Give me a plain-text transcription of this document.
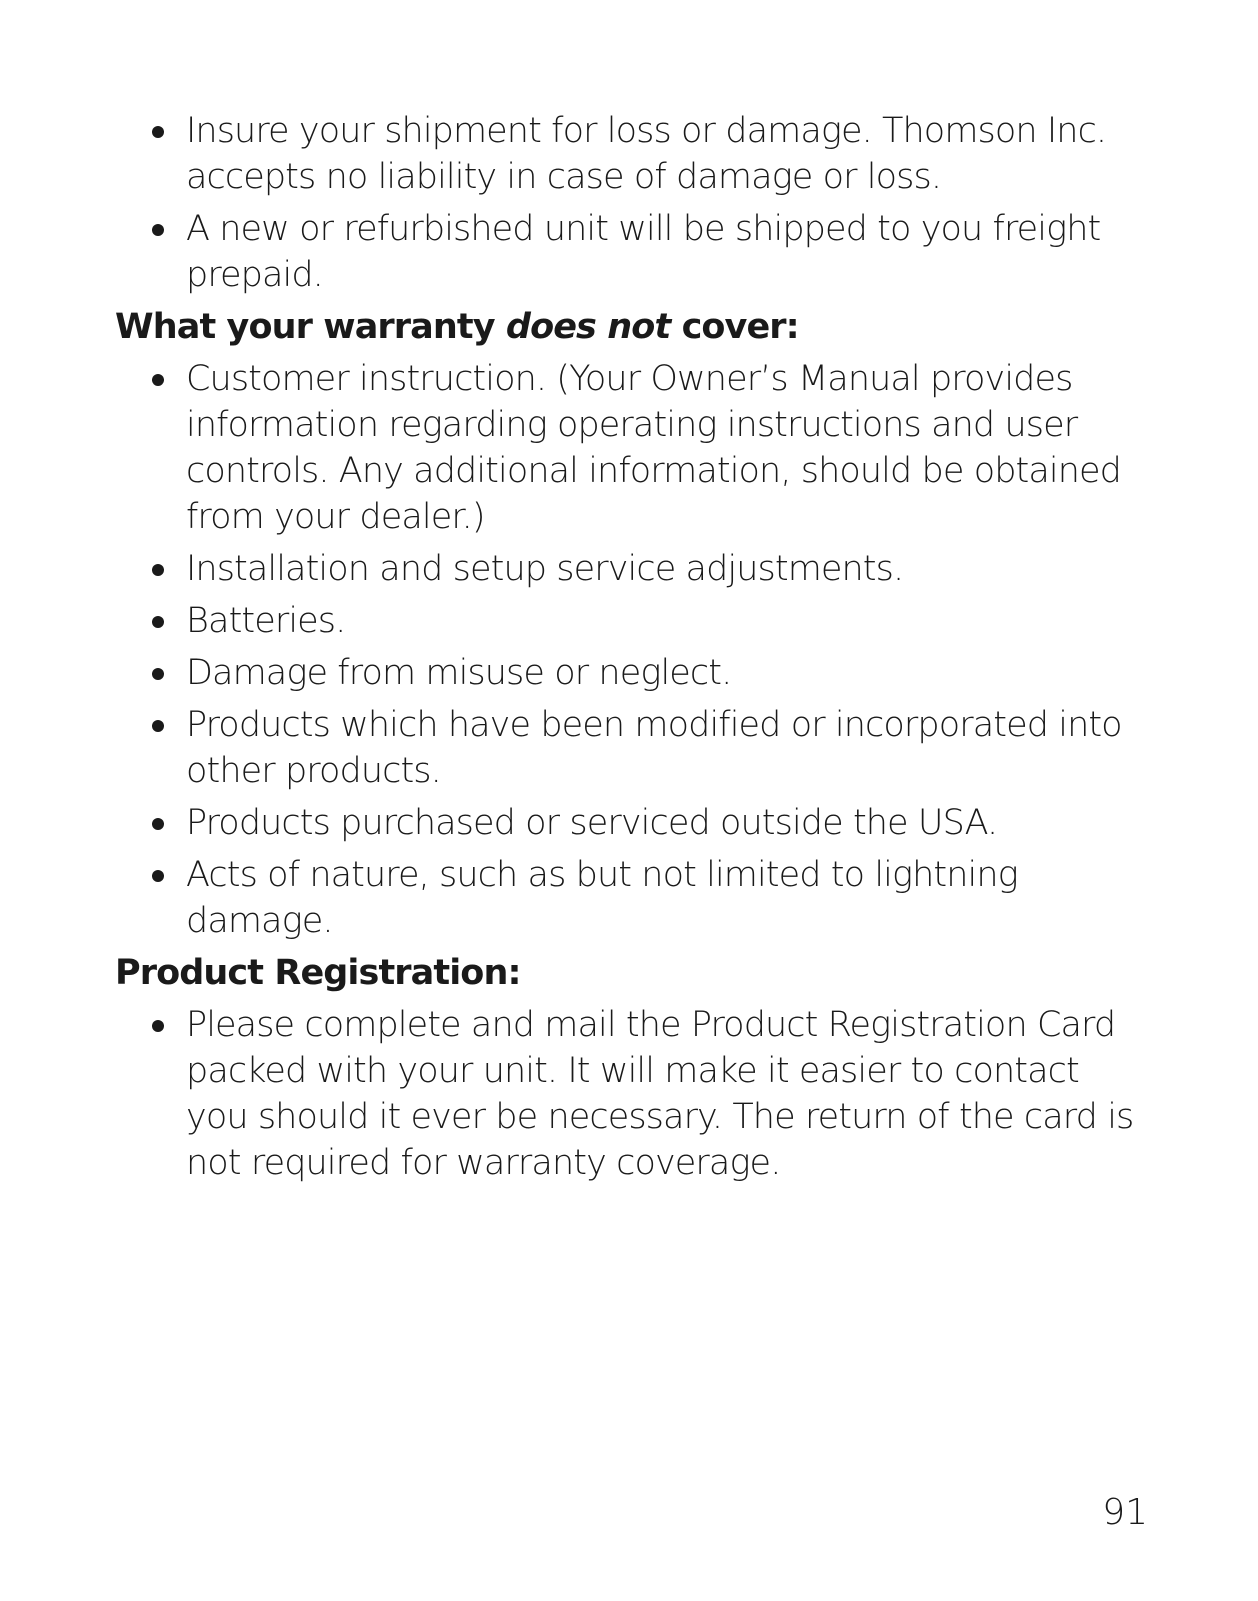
Insure your shipment for loss or damage. Thomson Inc. accepts no liability in case of damage or loss.
A new or refurbished unit will be shipped to you freight prepaid.
What your warranty does not cover:
Customer instruction. (Your Owner’s Manual provides information regarding operating instructions and user controls. Any additional information, should be obtained from your dealer.)
Installation and setup service adjustments.
Batteries.
Damage from misuse or neglect.
Products which have been modified or incorporated into other products.
Products purchased or serviced outside the USA.
Acts of nature, such as but not limited to lightning damage.
Product Registration:
Please complete and mail the Product Registration Card packed with your unit. It will make it easier to contact you should it ever be necessary. The return of the card is not required for warranty coverage.
91
